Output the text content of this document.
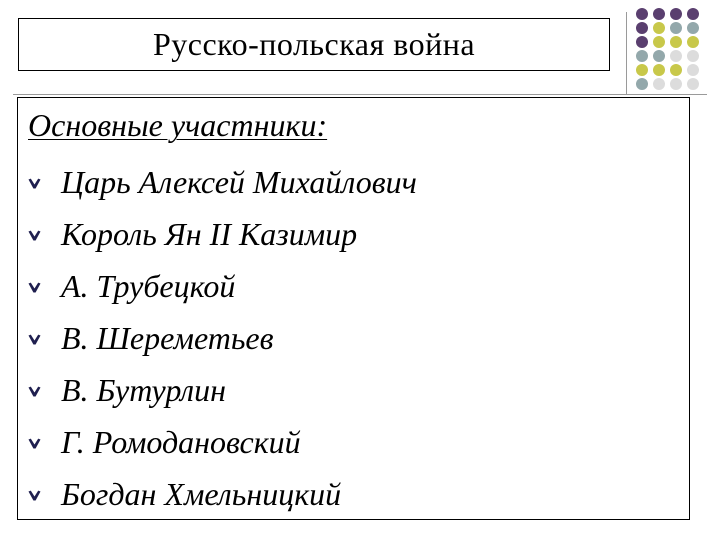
Русско-польская война
Основные участники:
Царь Алексей Михайлович
Король Ян II Казимир
А. Трубецкой
В. Шереметьев
В. Бутурлин
Г. Ромодановский
Богдан Хмельницкий
